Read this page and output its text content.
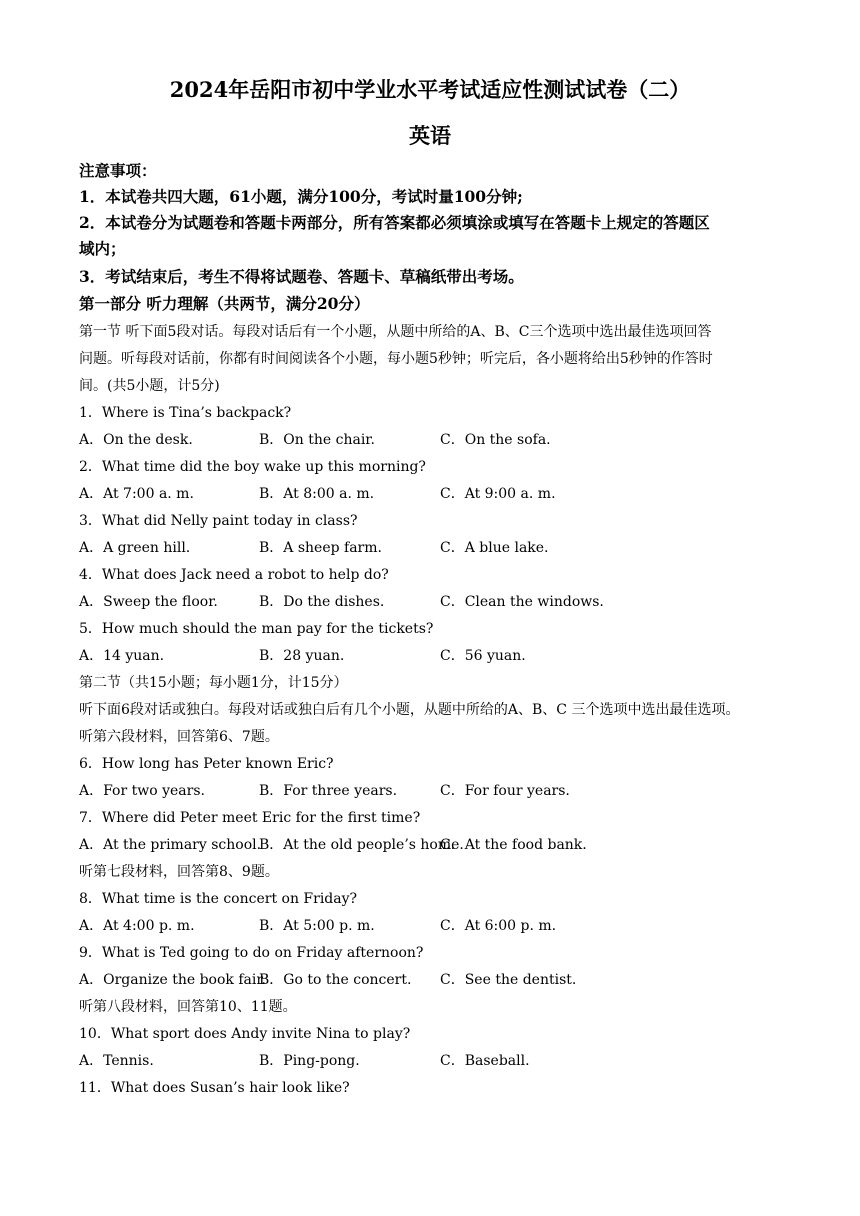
2024年岳阳市初中学业水平考试适应性测试试卷（二）
英语
注意事项：
1．本试卷共四大题，61小题，满分100分，考试时量100分钟;
2．本试卷分为试题卷和答题卡两部分，所有答案都必须填涂或填写在答题卡上规定的答题区
域内；
3．考试结束后，考生不得将试题卷、答题卡、草稿纸带出考场。
第一部分 听力理解（共两节，满分20分）
第一节 听下面5段对话。每段对话后有一个小题，从题中所给的A、B、C三个选项中选出最佳选项回答
问题。听每段对话前，你都有时间阅读各个小题，每小题5秒钟；听完后，各小题将给出5秒钟的作答时
间。(共5小题，计5分)
1．Where is Tina’s backpack?
A．On the desk.	B．On the chair.	C．On the sofa.
2．What time did the boy wake up this morning?
A．At 7:00 a. m.	B．At 8:00 a. m.	C．At 9:00 a. m.
3．What did Nelly paint today in class?
A．A green hill.	B．A sheep farm.	C．A blue lake.
4．What does Jack need a robot to help do?
A．Sweep the floor.	B．Do the dishes.	C．Clean the windows.
5．How much should the man pay for the tickets?
A．14 yuan.	B．28 yuan.	C．56 yuan.
第二节（共15小题；每小题1分，计15分）
听下面6段对话或独白。每段对话或独白后有几个小题，从题中所给的A、B、C 三个选项中选出最佳选项。
听第六段材料，回答第6、7题。
6．How long has Peter known Eric?
A．For two years.	B．For three years.	C．For four years.
7．Where did Peter meet Eric for the first time?
A．At the primary school.
B．At the old people’s home.
C．At the food bank.
听第七段材料，回答第8、9题。
8．What time is the concert on Friday?
A．At 4:00 p. m.	B．At 5:00 p. m.	C．At 6:00 p. m.
9．What is Ted going to do on Friday afternoon?
A．Organize the book fair.
B．Go to the concert. C．See the dentist.
听第八段材料，回答第10、11题。
10．What sport does Andy invite Nina to play?
A．Tennis.	B．Ping-pong.	C．Baseball.
11．What does Susan’s hair look like?
